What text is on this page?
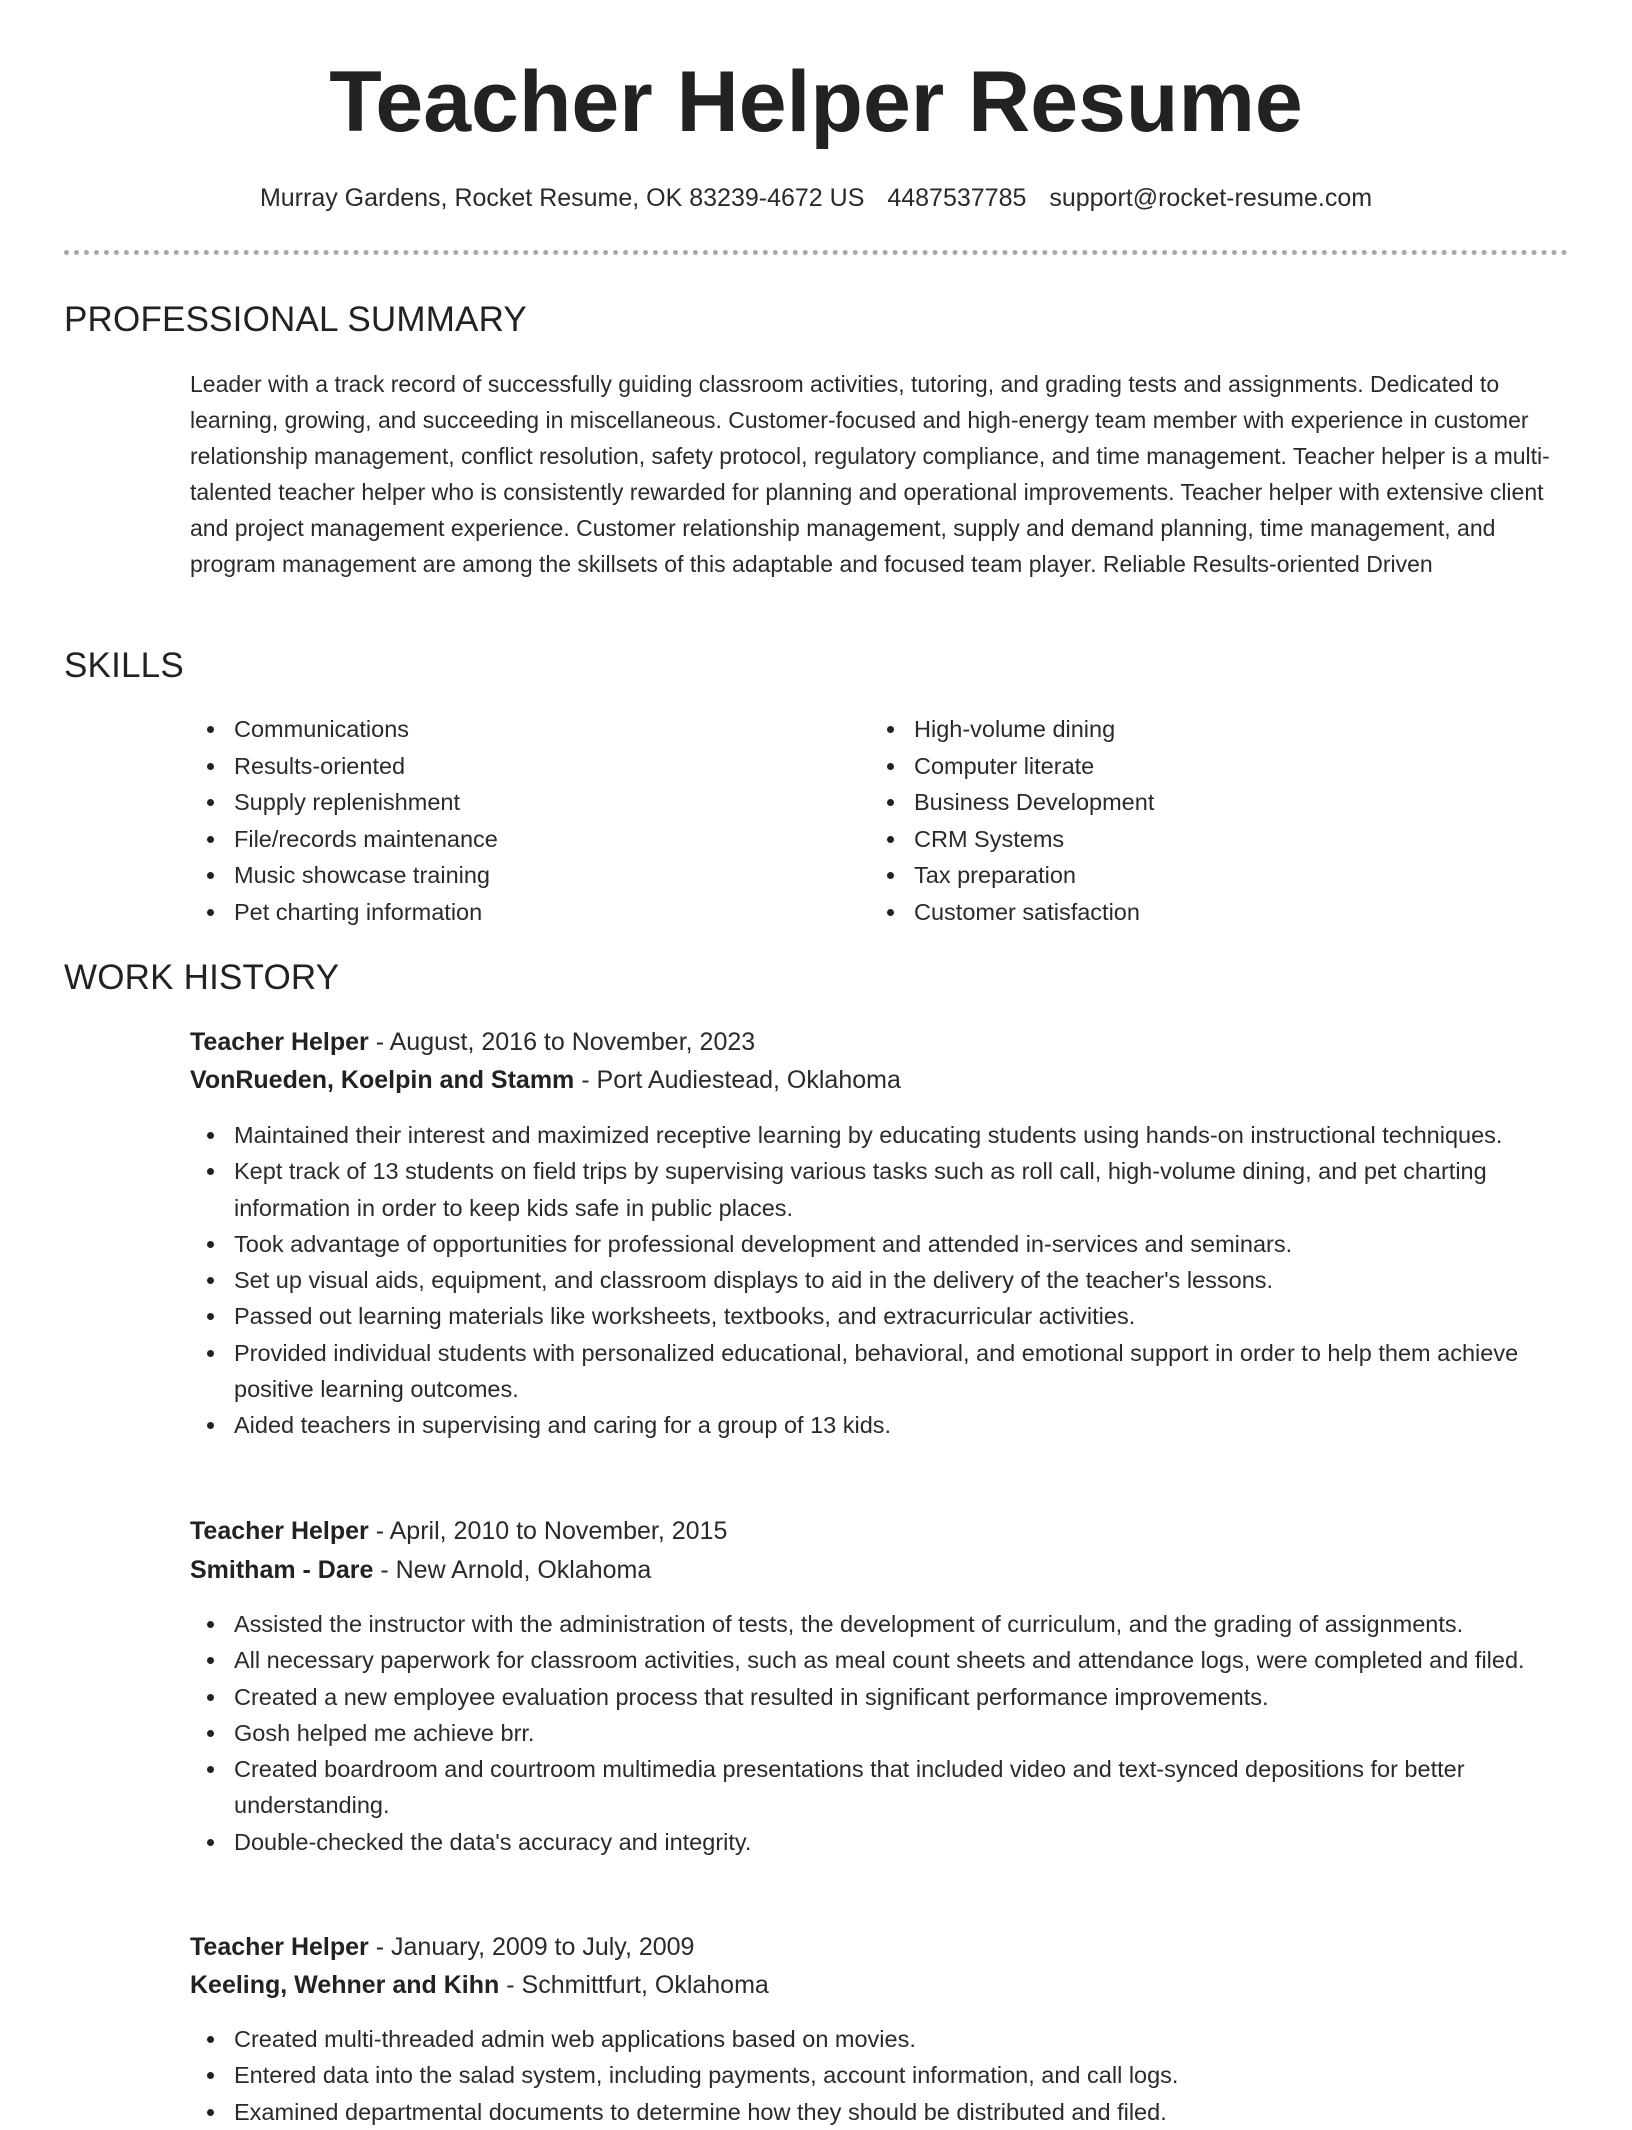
Teacher Helper Resume
Murray Gardens, Rocket Resume, OK 83239-4672 US 4487537785 support@rocket-resume.com
PROFESSIONAL SUMMARY

Leader with a track record of successfully guiding classroom activities, tutoring, and grading tests and assignments. Dedicated to learning, growing, and succeeding in miscellaneous. Customer-focused and high-energy team member with experience in customer relationship management, conflict resolution, safety protocol, regulatory compliance, and time management. Teacher helper is a multi-talented teacher helper who is consistently rewarded for planning and operational improvements. Teacher helper with extensive client and project management experience. Customer relationship management, supply and demand planning, time management, and program management are among the skillsets of this adaptable and focused team player. Reliable Results-oriented Driven

SKILLS
Communications
Results-oriented
Supply replenishment
File/records maintenance
Music showcase training
Pet charting information
High-volume dining
Computer literate
Business Development
CRM Systems
Tax preparation
Customer satisfaction
WORK HISTORY
Teacher Helper - August, 2016 to November, 2023
VonRueden, Koelpin and Stamm - Port Audiestead, Oklahoma
Maintained their interest and maximized receptive learning by educating students using hands-on instructional techniques.
Kept track of 13 students on field trips by supervising various tasks such as roll call, high-volume dining, and pet charting information in order to keep kids safe in public places.
Took advantage of opportunities for professional development and attended in-services and seminars.
Set up visual aids, equipment, and classroom displays to aid in the delivery of the teacher's lessons.
Passed out learning materials like worksheets, textbooks, and extracurricular activities.
Provided individual students with personalized educational, behavioral, and emotional support in order to help them achieve positive learning outcomes.
Aided teachers in supervising and caring for a group of 13 kids.
Teacher Helper - April, 2010 to November, 2015
Smitham - Dare - New Arnold, Oklahoma
Assisted the instructor with the administration of tests, the development of curriculum, and the grading of assignments.
All necessary paperwork for classroom activities, such as meal count sheets and attendance logs, were completed and filed.
Created a new employee evaluation process that resulted in significant performance improvements.
Gosh helped me achieve brr.
Created boardroom and courtroom multimedia presentations that included video and text-synced depositions for better understanding.
Double-checked the data's accuracy and integrity.
Teacher Helper - January, 2009 to July, 2009
Keeling, Wehner and Kihn - Schmittfurt, Oklahoma
Created multi-threaded admin web applications based on movies.
Entered data into the salad system, including payments, account information, and call logs.
Examined departmental documents to determine how they should be distributed and filed.
